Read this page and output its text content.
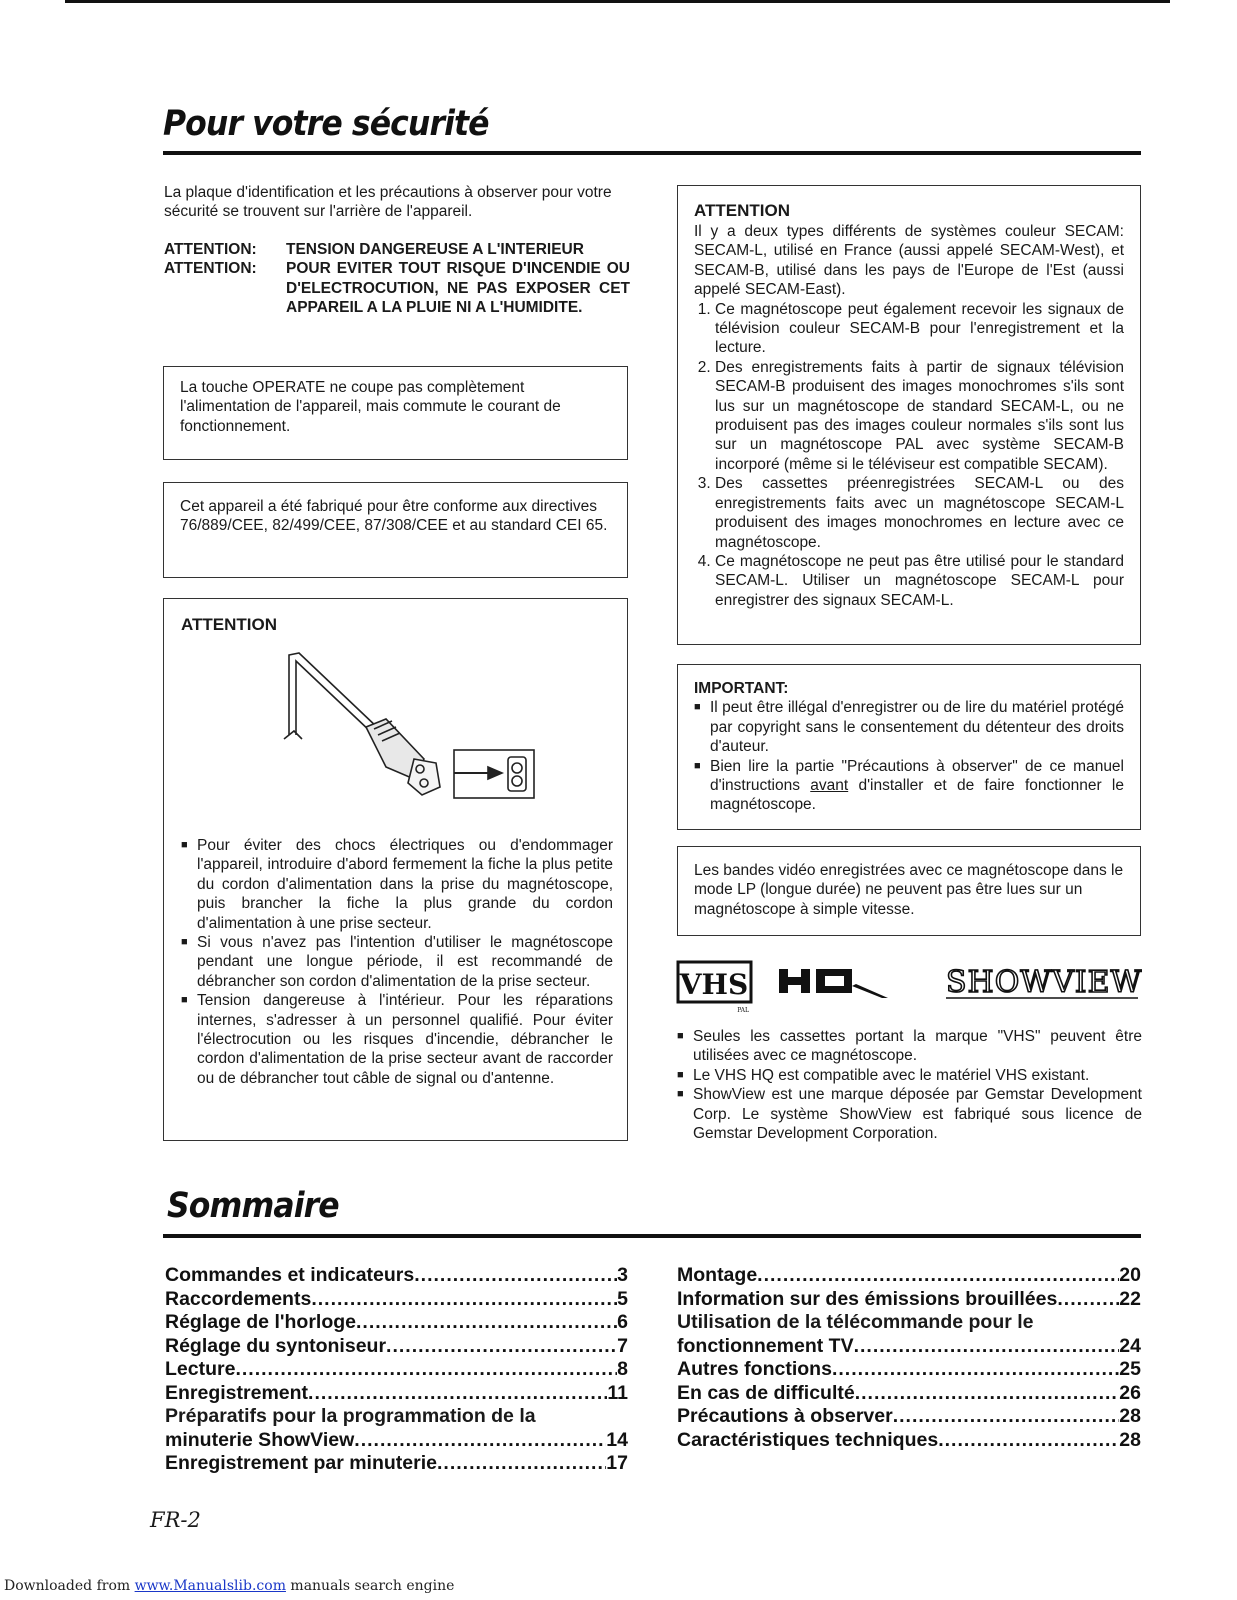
Pour votre sécurité

La plaque d'identification et les précautions à observer pour votre sécurité se trouvent sur l'arrière de l'appareil.

ATTENTION:	TENSION DANGEREUSE A L'INTERIEUR
ATTENTION:	POUR EVITER TOUT RISQUE D'INCENDIE OU D'ELECTROCUTION, NE PAS EXPOSER CET APPAREIL A LA PLUIE NI A L'HUMIDITE.
La touche OPERATE ne coupe pas complètement l'alimentation de l'appareil, mais commute le courant de fonctionnement.
Cet appareil a été fabriqué pour être conforme aux directives 76/889/CEE, 82/499/CEE, 87/308/CEE et au standard CEI 65.
ATTENTION
■ Pour éviter des chocs électriques ou d'endommager l'appareil, introduire d'abord fermement la fiche la plus petite du cordon d'alimentation dans la prise du magnétoscope, puis brancher la fiche la plus grande du cordon d'alimentation à une prise secteur.
■ Si vous n'avez pas l'intention d'utiliser le magnétoscope pendant une longue période, il est recommandé de débrancher son cordon d'alimentation de la prise secteur.
■ Tension dangereuse à l'intérieur. Pour les réparations internes, s'adresser à un personnel qualifié. Pour éviter l'électrocution ou les risques d'incendie, débrancher le cordon d'alimentation de la prise secteur avant de raccorder ou de débrancher tout câble de signal ou d'antenne.
ATTENTION
Il y a deux types différents de systèmes couleur SECAM: SECAM-L, utilisé en France (aussi appelé SECAM-West), et SECAM-B, utilisé dans les pays de l'Europe de l'Est (aussi appelé SECAM-East).
1. Ce magnétoscope peut également recevoir les signaux de télévision couleur SECAM-B pour l'enregistrement et la lecture.
2. Des enregistrements faits à partir de signaux télévision SECAM-B produisent des images monochromes s'ils sont lus sur un magnétoscope de standard SECAM-L, ou ne produisent pas des images couleur normales s'ils sont lus sur un magnétoscope PAL avec système SECAM-B incorporé (même si le téléviseur est compatible SECAM).
3. Des cassettes préenregistrées SECAM-L ou des enregistrements faits avec un magnétoscope SECAM-L produisent des images monochromes en lecture avec ce magnétoscope.
4. Ce magnétoscope ne peut pas être utilisé pour le standard SECAM-L. Utiliser un magnétoscope SECAM-L pour enregistrer des signaux SECAM-L.
IMPORTANT:
■ Il peut être illégal d'enregistrer ou de lire du matériel protégé par copyright sans le consentement du détenteur des droits d'auteur.
■ Bien lire la partie "Précautions à observer" de ce manuel d'instructions avant d'installer et de faire fonctionner le magnétoscope.
Les bandes vidéo enregistrées avec ce magnétoscope dans le mode LP (longue durée) ne peuvent pas être lues sur un magnétoscope à simple vitesse.
VHS
PAL
HQ
SHOWVIEW
■ Seules les cassettes portant la marque "VHS" peuvent être utilisées avec ce magnétoscope.
■ Le VHS HQ est compatible avec le matériel VHS existant.
■ ShowView est une marque déposée par Gemstar Development Corp. Le système ShowView est fabriqué sous licence de Gemstar Development Corporation.
Sommaire
Commandes et indicateurs .....	3
Raccordements .....	5
Réglage de l'horloge .....	6
Réglage du syntoniseur .....	7
Lecture .....	8
Enregistrement .....	11
Préparatifs pour la programmation de la
minuterie ShowView .....	14
Enregistrement par minuterie .....	17
Montage .....	20
Information sur des émissions brouillées .....	22
Utilisation de la télécommande pour le
fonctionnement TV .....	24
Autres fonctions .....	25
En cas de difficulté .....	26
Précautions à observer .....	28
Caractéristiques techniques .....	28
FR-2
Downloaded from www.Manualslib.com manuals search engine
